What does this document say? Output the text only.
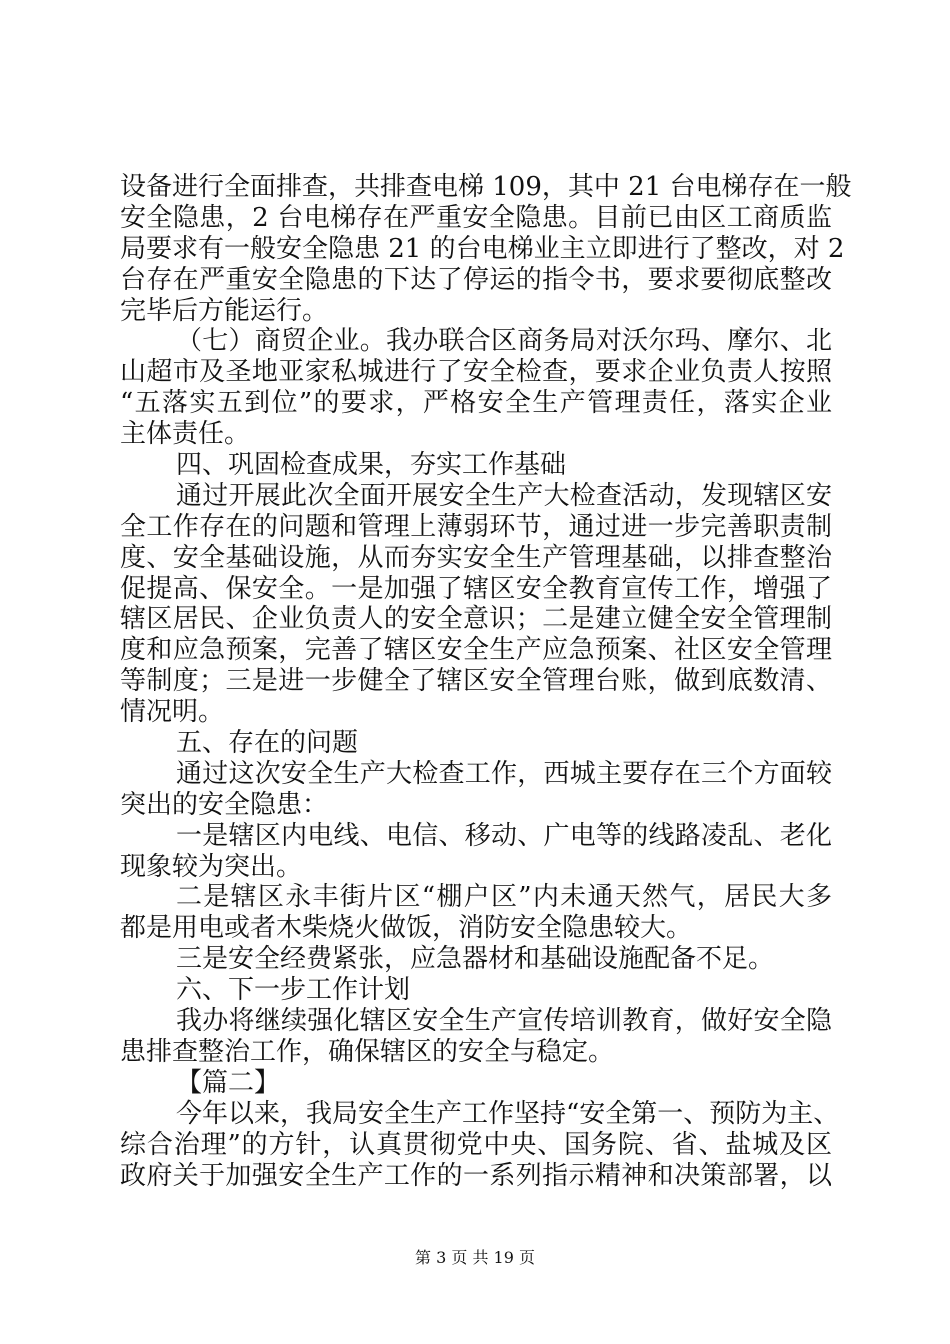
设备进行全面排查，共排查电梯 109，其中 21 台电梯存在一般
安全隐患，2 台电梯存在严重安全隐患。目前已由区工商质监
局要求有一般安全隐患 21 的台电梯业主立即进行了整改，对 2
台存在严重安全隐患的下达了停运的指令书，要求要彻底整改
完毕后方能运行。
（七）商贸企业。我办联合区商务局对沃尔玛、摩尔、北
山超市及圣地亚家私城进行了安全检查，要求企业负责人按照
“五落实五到位”的要求，严格安全生产管理责任，落实企业
主体责任。
四、巩固检查成果，夯实工作基础
通过开展此次全面开展安全生产大检查活动，发现辖区安
全工作存在的问题和管理上薄弱环节，通过进一步完善职责制
度、安全基础设施，从而夯实安全生产管理基础，以排查整治
促提高、保安全。一是加强了辖区安全教育宣传工作，增强了
辖区居民、企业负责人的安全意识；二是建立健全安全管理制
度和应急预案，完善了辖区安全生产应急预案、社区安全管理
等制度；三是进一步健全了辖区安全管理台账，做到底数清、
情况明。
五、存在的问题
通过这次安全生产大检查工作，西城主要存在三个方面较
突出的安全隐患：
一是辖区内电线、电信、移动、广电等的线路凌乱、老化
现象较为突出。
二是辖区永丰街片区“棚户区”内未通天然气，居民大多
都是用电或者木柴烧火做饭，消防安全隐患较大。
三是安全经费紧张，应急器材和基础设施配备不足。
六、下一步工作计划
我办将继续强化辖区安全生产宣传培训教育，做好安全隐
患排查整治工作，确保辖区的安全与稳定。
【篇二】
今年以来，我局安全生产工作坚持“安全第一、预防为主、
综合治理”的方针，认真贯彻党中央、国务院、省、盐城及区
政府关于加强安全生产工作的一系列指示精神和决策部署，以
第 3 页 共 19 页
